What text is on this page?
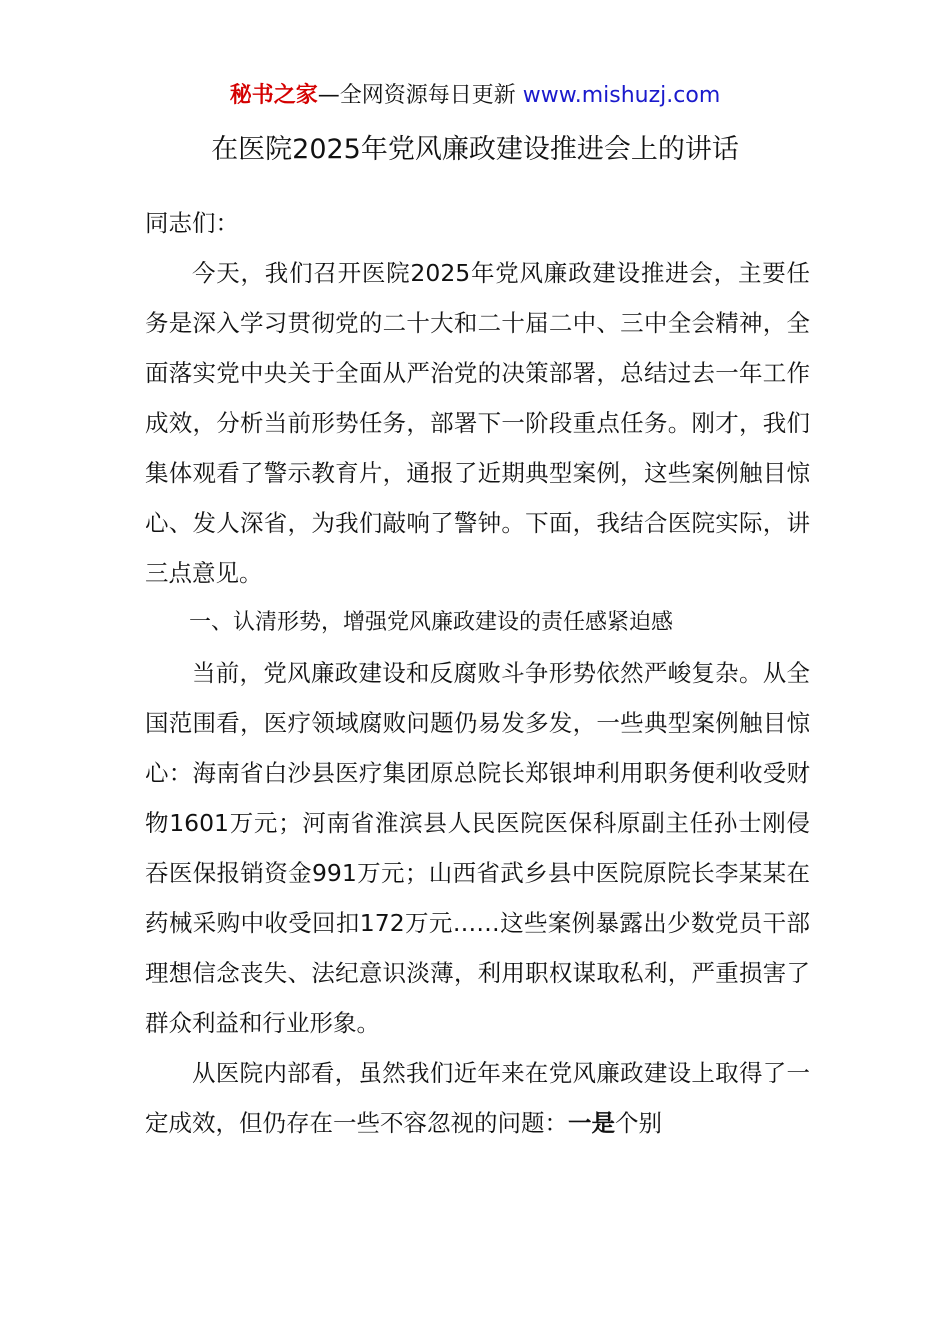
秘书之家—全网资源每日更新 www.mishuzj.com
在医院2025年党风廉政建设推进会上的讲话

同志们：

今天，我们召开医院2025年党风廉政建设推进会，主要任务是深入学习贯彻党的二十大和二十届二中、三中全会精神，全面落实党中央关于全面从严治党的决策部署，总结过去一年工作成效，分析当前形势任务，部署下一阶段重点任务。刚才，我们集体观看了警示教育片，通报了近期典型案例，这些案例触目惊心、发人深省，为我们敲响了警钟。下面，我结合医院实际，讲三点意见。

一、认清形势，增强党风廉政建设的责任感紧迫感

当前，党风廉政建设和反腐败斗争形势依然严峻复杂。从全国范围看，医疗领域腐败问题仍易发多发，一些典型案例触目惊心：海南省白沙县医疗集团原总院长郑银坤利用职务便利收受财物1601万元；河南省淮滨县人民医院医保科原副主任孙士刚侵吞医保报销资金991万元；山西省武乡县中医院原院长李某某在药械采购中收受回扣172万元……这些案例暴露出少数党员干部理想信念丧失、法纪意识淡薄，利用职权谋取私利，严重损害了群众利益和行业形象。

从医院内部看，虽然我们近年来在党风廉政建设上取得了一定成效，但仍存在一些不容忽视的问题：一是个别
